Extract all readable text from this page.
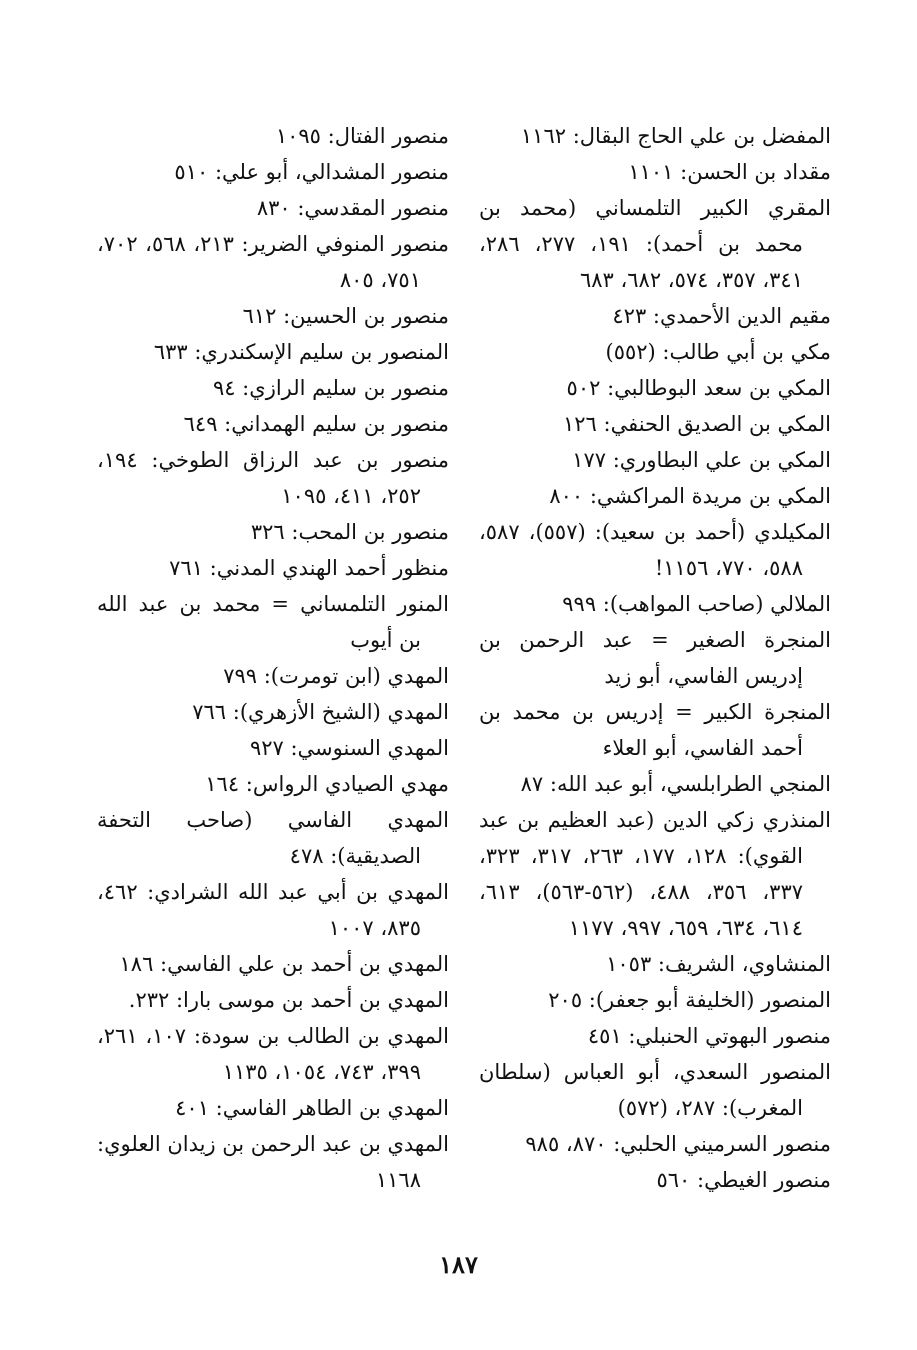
المفضل بن علي الحاج البقال: ١١٦٢

مقداد بن الحسن: ١١٠١

المقري الكبير التلمساني (محمد بن محمد بن أحمد): ١٩١، ٢٧٧، ٢٨٦، ٣٤١، ٣٥٧، ٥٧٤، ٦٨٢، ٦٨٣

مقيم الدين الأحمدي: ٤٢٣

مكي بن أبي طالب: (٥٥٢)

المكي بن سعد البوطالبي: ٥٠٢

المكي بن الصديق الحنفي: ١٢٦

المكي بن علي البطاوري: ١٧٧

المكي بن مريدة المراكشي: ٨٠٠

المكيلدي (أحمد بن سعيد): (٥٥٧)، ٥٨٧، ٥٨٨، ٧٧٠، ١١٥٦!

الملالي (صاحب المواهب): ٩٩٩

المنجرة الصغير = عبد الرحمن بن إدريس الفاسي، أبو زيد

المنجرة الكبير = إدريس بن محمد بن أحمد الفاسي، أبو العلاء

المنجي الطرابلسي، أبو عبد الله: ٨٧

المنذري زكي الدين (عبد العظيم بن عبد القوي): ١٢٨، ١٧٧، ٢٦٣، ٣١٧، ٣٢٣، ٣٣٧، ٣٥٦، ٤٨٨، (٥٦٢-٥٦٣)، ٦١٣، ٦١٤، ٦٣٤، ٦٥٩، ٩٩٧، ١١٧٧

المنشاوي، الشريف: ١٠٥٣

المنصور (الخليفة أبو جعفر): ٢٠٥

منصور البهوتي الحنبلي: ٤٥١

المنصور السعدي، أبو العباس (سلطان المغرب): ٢٨٧، (٥٧٢)

منصور السرميني الحلبي: ٨٧٠، ٩٨٥

منصور الغيطي: ٥٦٠

منصور الفتال: ١٠٩٥

منصور المشدالي، أبو علي: ٥١٠

منصور المقدسي: ٨٣٠

منصور المنوفي الضرير: ٢١٣، ٥٦٨، ٧٠٢، ٧٥١، ٨٠٥

منصور بن الحسين: ٦١٢

المنصور بن سليم الإسكندري: ٦٣٣

منصور بن سليم الرازي: ٩٤

منصور بن سليم الهمداني: ٦٤٩

منصور بن عبد الرزاق الطوخي: ١٩٤، ٢٥٢، ٤١١، ١٠٩٥

منصور بن المحب: ٣٢٦

منظور أحمد الهندي المدني: ٧٦١

المنور التلمساني = محمد بن عبد الله بن أيوب

المهدي (ابن تومرت): ٧٩٩

المهدي (الشيخ الأزهري): ٧٦٦

المهدي السنوسي: ٩٢٧

مهدي الصيادي الرواس: ١٦٤

المهدي الفاسي (صاحب التحفة الصديقية): ٤٧٨

المهدي بن أبي عبد الله الشرادي: ٤٦٢، ٨٣٥، ١٠٠٧

المهدي بن أحمد بن علي الفاسي: ١٨٦

المهدي بن أحمد بن موسى بارا: ٢٣٢.

المهدي بن الطالب بن سودة: ١٠٧، ٢٦١، ٣٩٩، ٧٤٣، ١٠٥٤، ١١٣٥

المهدي بن الطاهر الفاسي: ٤٠١

المهدي بن عبد الرحمن بن زيدان العلوي: ١١٦٨

١٨٧
